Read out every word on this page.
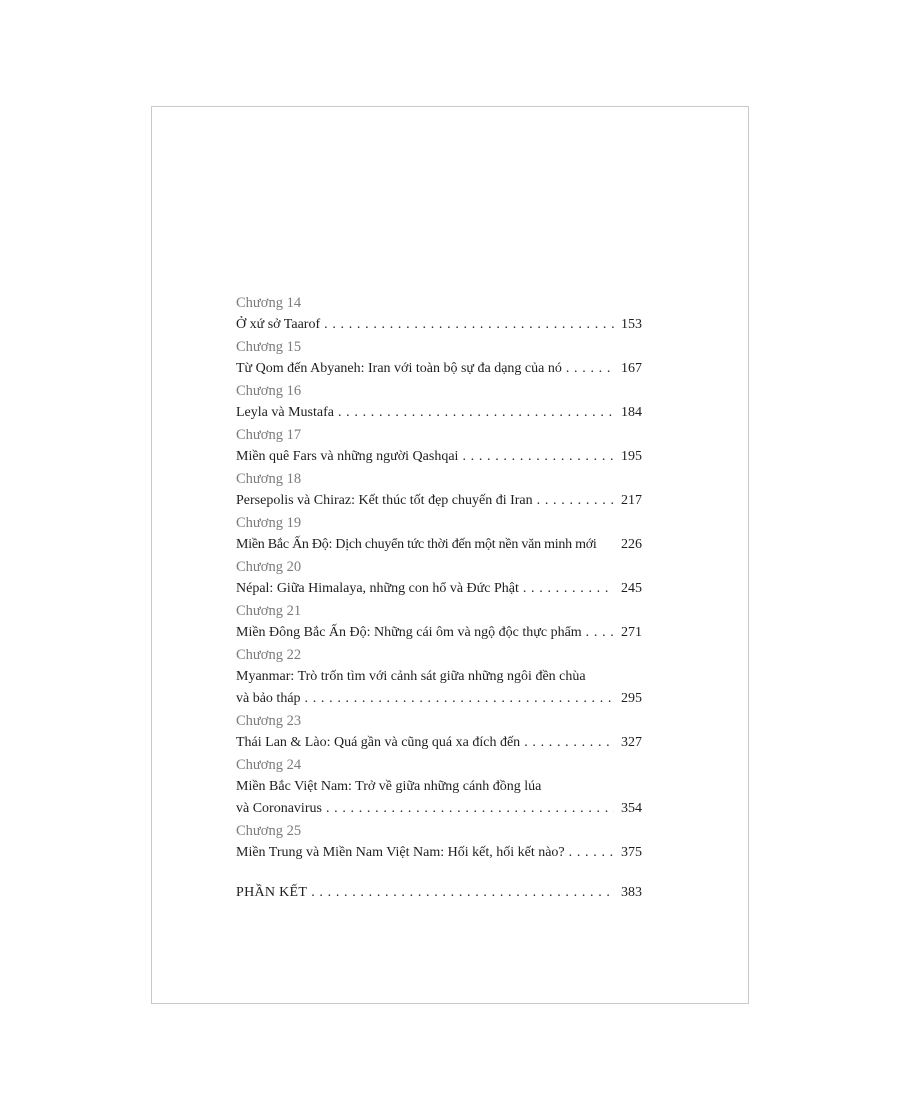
Chương 14
Ở xứ sở Taarof . . .	153
Chương 15
Từ Qom đến Abyaneh: Iran với toàn bộ sự đa dạng của nó . . .	167
Chương 16
Leyla và Mustafa . . .	184
Chương 17
Miền quê Fars và những người Qashqai . . .	195
Chương 18
Persepolis và Chiraz: Kết thúc tốt đẹp chuyến đi Iran . . .	217
Chương 19
Miền Bắc Ấn Độ: Dịch chuyển tức thời đến một nền văn minh mới 226
Chương 20
Népal: Giữa Himalaya, những con hổ và Đức Phật . . .	245
Chương 21
Miền Đông Bắc Ấn Độ: Những cái ôm và ngộ độc thực phẩm . . .	271
Chương 22
Myanmar: Trò trốn tìm với cảnh sát giữa những ngôi đền chùa
và bảo tháp . . .	295
Chương 23
Thái Lan & Lào: Quá gần và cũng quá xa đích đến . . .	327
Chương 24
Miền Bắc Việt Nam: Trở về giữa những cánh đồng lúa
và Coronavirus . . .	354
Chương 25
Miền Trung và Miền Nam Việt Nam: Hối kết, hối kết nào? . . .	375
PHẦN KẾT . . .	383
